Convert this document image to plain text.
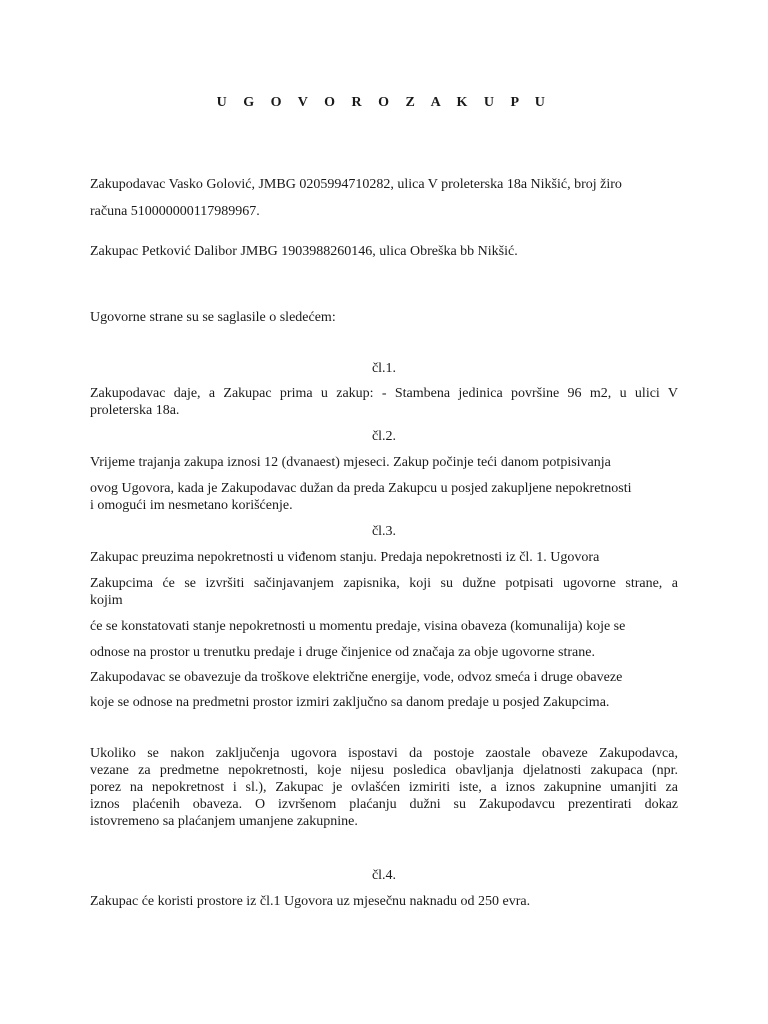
U G O V O R O Z A K U P U

Zakupodavac Vasko Golović, JMBG 0205994710282, ulica V proleterska 18a Nikšić, broj žiro

računa 510000000117989967.

Zakupac Petković Dalibor JMBG 1903988260146, ulica Obreška bb Nikšić.

Ugovorne strane su se saglasile o sledećem:

čl.1.

Zakupodavac daje, a Zakupac prima u zakup: - Stambena jedinica površine 96 m2, u ulici V

proleterska 18a.

čl.2.

Vrijeme trajanja zakupa iznosi 12 (dvanaest) mjeseci. Zakup počinje teći danom potpisivanja

ovog Ugovora, kada je Zakupodavac dužan da preda Zakupcu u posjed zakupljene nepokretnosti

i omogući im nesmetano korišćenje.

čl.3.

Zakupac preuzima nepokretnosti u viđenom stanju. Predaja nepokretnosti iz čl. 1. Ugovora

Zakupcima će se izvršiti sačinjavanjem zapisnika, koji su dužne potpisati ugovorne strane, a

kojim

će se konstatovati stanje nepokretnosti u momentu predaje, visina obaveza (komunalija) koje se

odnose na prostor u trenutku predaje i druge činjenice od značaja za obje ugovorne strane.

Zakupodavac se obavezuje da troškove električne energije, vode, odvoz smeća i druge obaveze

koje se odnose na predmetni prostor izmiri zaključno sa danom predaje u posjed Zakupcima.

Ukoliko se nakon zaključenja ugovora ispostavi da postoje zaostale obaveze Zakupodavca,

vezane za predmetne nepokretnosti, koje nijesu posledica obavljanja djelatnosti zakupaca (npr.

porez na nepokretnost i sl.), Zakupac je ovlašćen izmiriti iste, a iznos zakupnine umanjiti za

iznos plaćenih obaveza. O izvršenom plaćanju dužni su Zakupodavcu prezentirati dokaz

istovremeno sa plaćanjem umanjene zakupnine.

čl.4.

Zakupac će koristi prostore iz čl.1 Ugovora uz mjesečnu naknadu od 250 evra.
